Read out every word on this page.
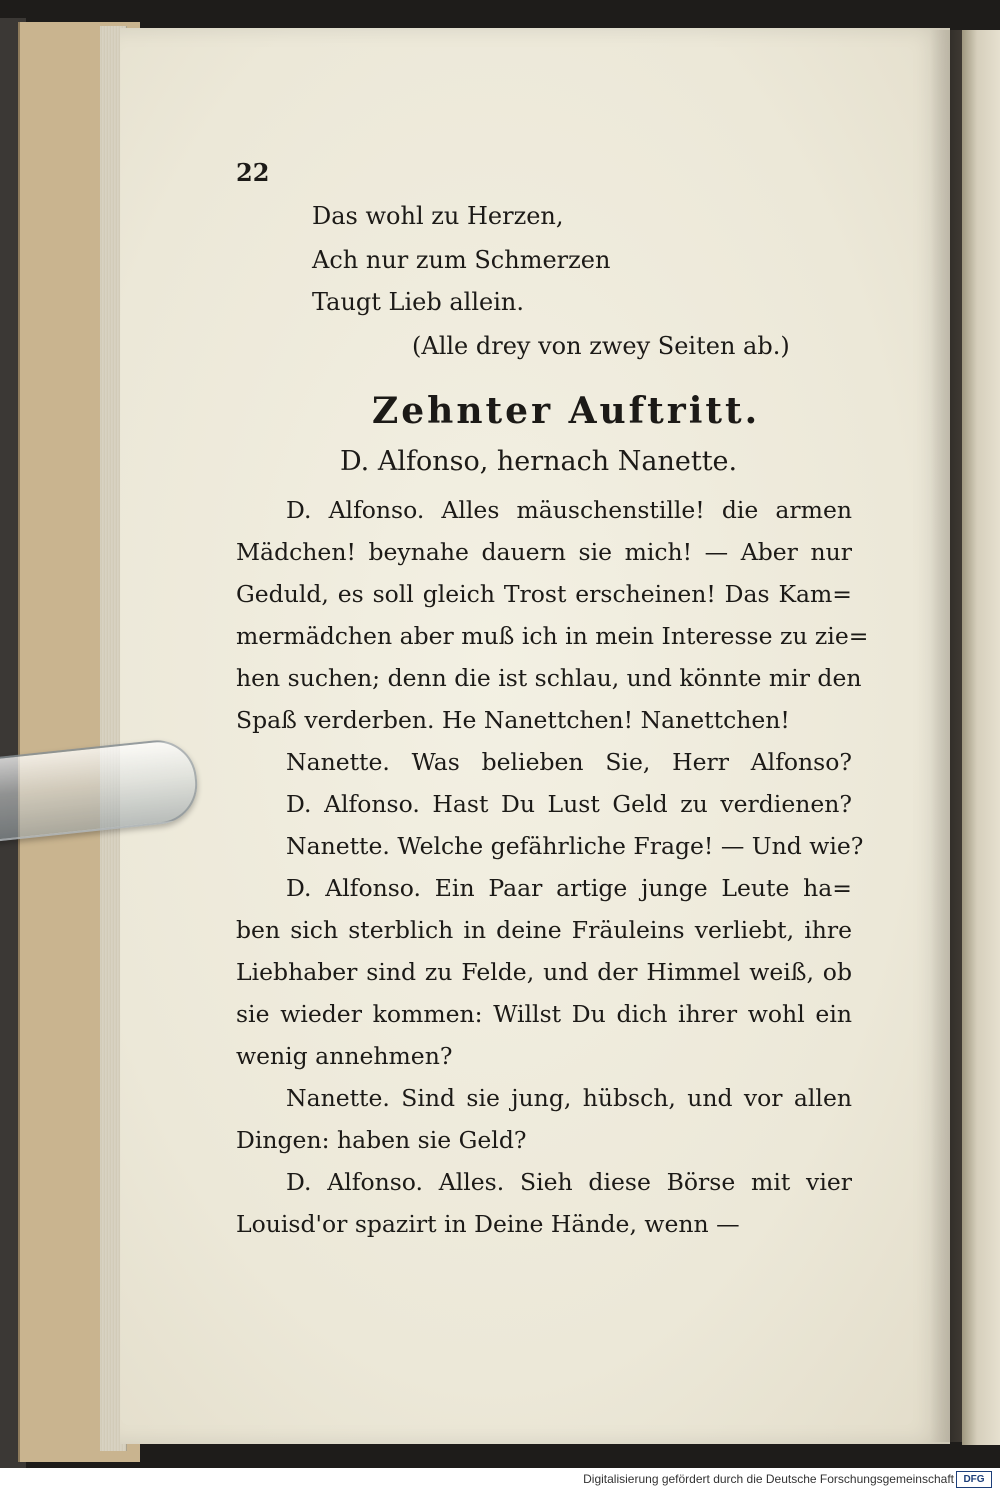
22
Das wohl zu Herzen,
Ach nur zum Schmerzen
Taugt Lieb allein.
(Alle drey von zwey Seiten ab.)
Zehnter Auftritt.
D. Alfonso, hernach Nanette.
D. Alfonso. Alles mäuschenstille! die armen
Mädchen! beynahe dauern sie mich! — Aber nur
Geduld, es soll gleich Trost erscheinen! Das Kam=
mermädchen aber muß ich in mein Interesse zu zie=
hen suchen; denn die ist schlau, und könnte mir den
Spaß verderben. He Nanettchen! Nanettchen!
Nanette. Was belieben Sie, Herr Alfonso?
D. Alfonso. Hast Du Lust Geld zu verdienen?
Nanette. Welche gefährliche Frage! — Und wie?
D. Alfonso. Ein Paar artige junge Leute ha=
ben sich sterblich in deine Fräuleins verliebt, ihre
Liebhaber sind zu Felde, und der Himmel weiß, ob
sie wieder kommen: Willst Du dich ihrer wohl ein
wenig annehmen?
Nanette. Sind sie jung, hübsch, und vor allen
Dingen: haben sie Geld?
D. Alfonso. Alles. Sieh diese Börse mit vier
Louisd'or spazirt in Deine Hände, wenn —
Digitalisierung gefördert durch die Deutsche Forschungsgemeinschaft DFG
